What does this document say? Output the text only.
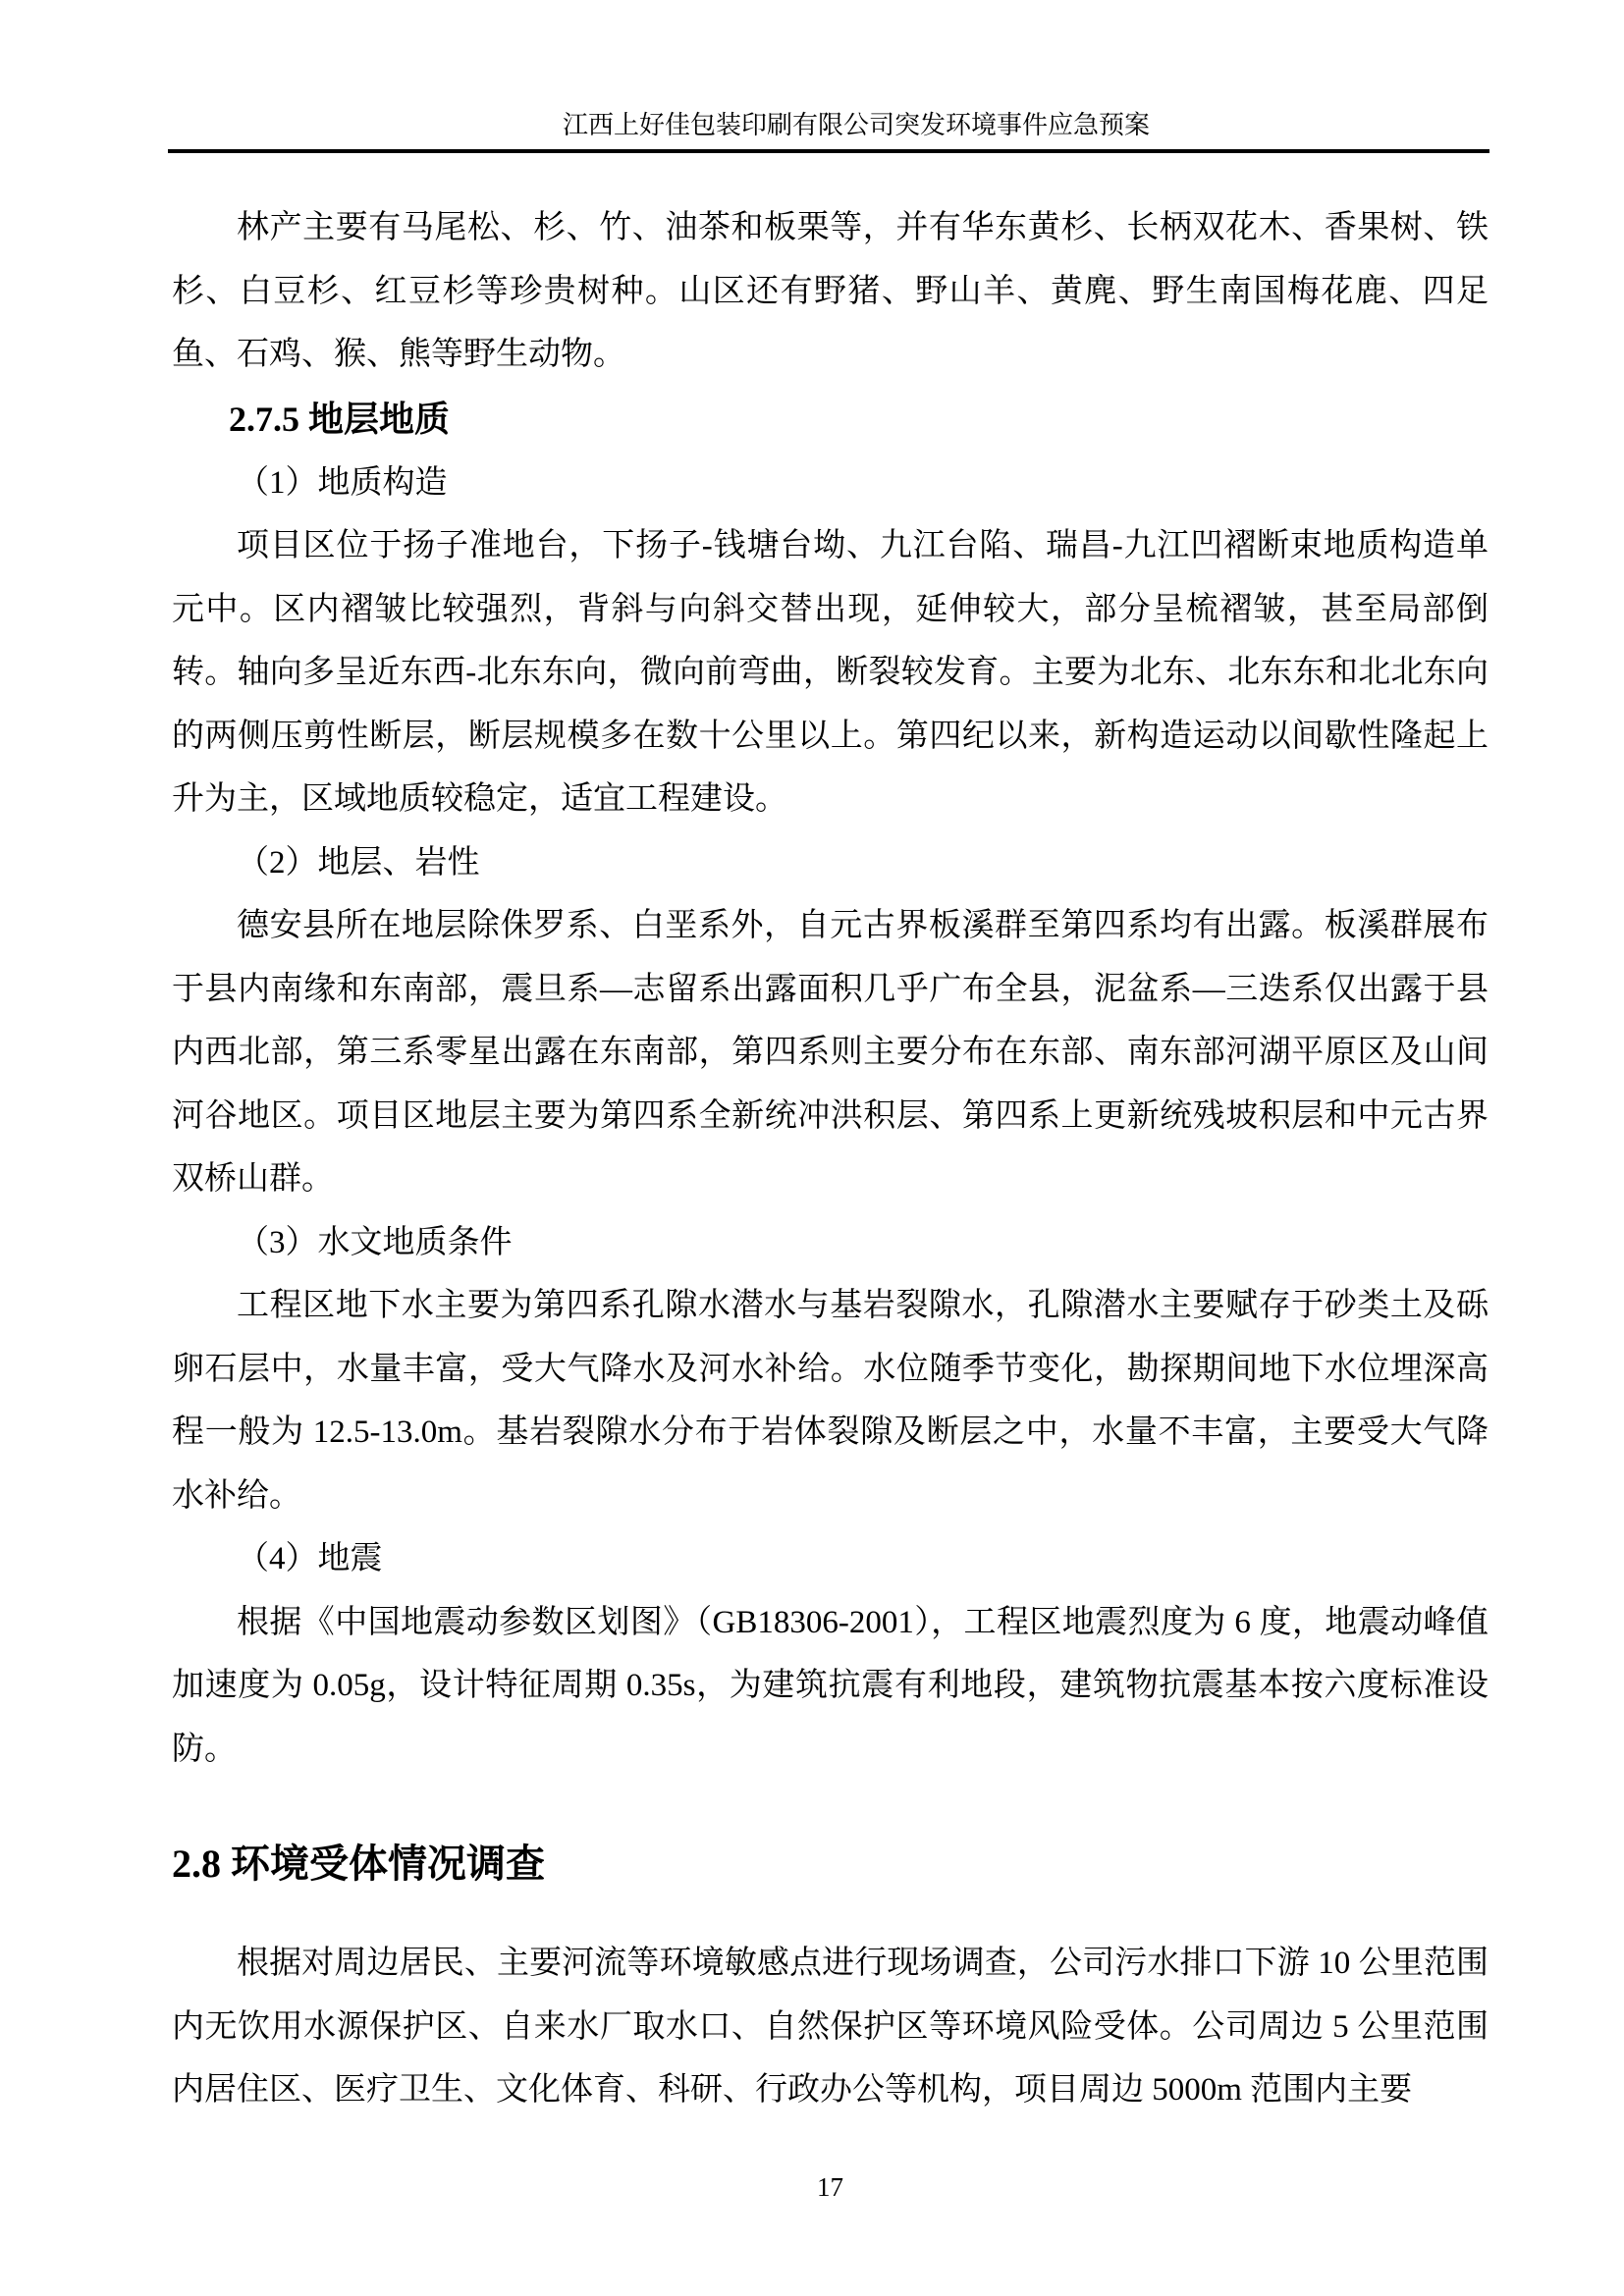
江西上好佳包装印刷有限公司突发环境事件应急预案

林产主要有马尾松、杉、竹、油茶和板栗等，并有华东黄杉、长柄双花木、香果树、铁杉、白豆杉、红豆杉等珍贵树种。山区还有野猪、野山羊、黄麂、野生南国梅花鹿、四足鱼、石鸡、猴、熊等野生动物。

2.7.5 地层地质

（1）地质构造

项目区位于扬子准地台，下扬子-钱塘台坳、九江台陷、瑞昌-九江凹褶断束地质构造单元中。区内褶皱比较强烈，背斜与向斜交替出现，延伸较大，部分呈梳褶皱，甚至局部倒转。轴向多呈近东西-北东东向，微向前弯曲，断裂较发育。主要为北东、北东东和北北东向的两侧压剪性断层，断层规模多在数十公里以上。第四纪以来，新构造运动以间歇性隆起上升为主，区域地质较稳定，适宜工程建设。

（2）地层、岩性

德安县所在地层除侏罗系、白垩系外，自元古界板溪群至第四系均有出露。板溪群展布于县内南缘和东南部，震旦系—志留系出露面积几乎广布全县，泥盆系—三迭系仅出露于县内西北部，第三系零星出露在东南部，第四系则主要分布在东部、南东部河湖平原区及山间河谷地区。项目区地层主要为第四系全新统冲洪积层、第四系上更新统残坡积层和中元古界双桥山群。

（3）水文地质条件

工程区地下水主要为第四系孔隙水潜水与基岩裂隙水，孔隙潜水主要赋存于砂类土及砾卵石层中，水量丰富，受大气降水及河水补给。水位随季节变化，勘探期间地下水位埋深高程一般为 12.5-13.0m。基岩裂隙水分布于岩体裂隙及断层之中，水量不丰富，主要受大气降水补给。

（4）地震

根据《中国地震动参数区划图》（GB18306-2001），工程区地震烈度为 6 度，地震动峰值加速度为 0.05g，设计特征周期 0.35s，为建筑抗震有利地段，建筑物抗震基本按六度标准设防。

2.8 环境受体情况调查

根据对周边居民、主要河流等环境敏感点进行现场调查，公司污水排口下游 10 公里范围内无饮用水源保护区、自来水厂取水口、自然保护区等环境风险受体。公司周边 5 公里范围内居住区、医疗卫生、文化体育、科研、行政办公等机构，项目周边 5000m 范围内主要

17
